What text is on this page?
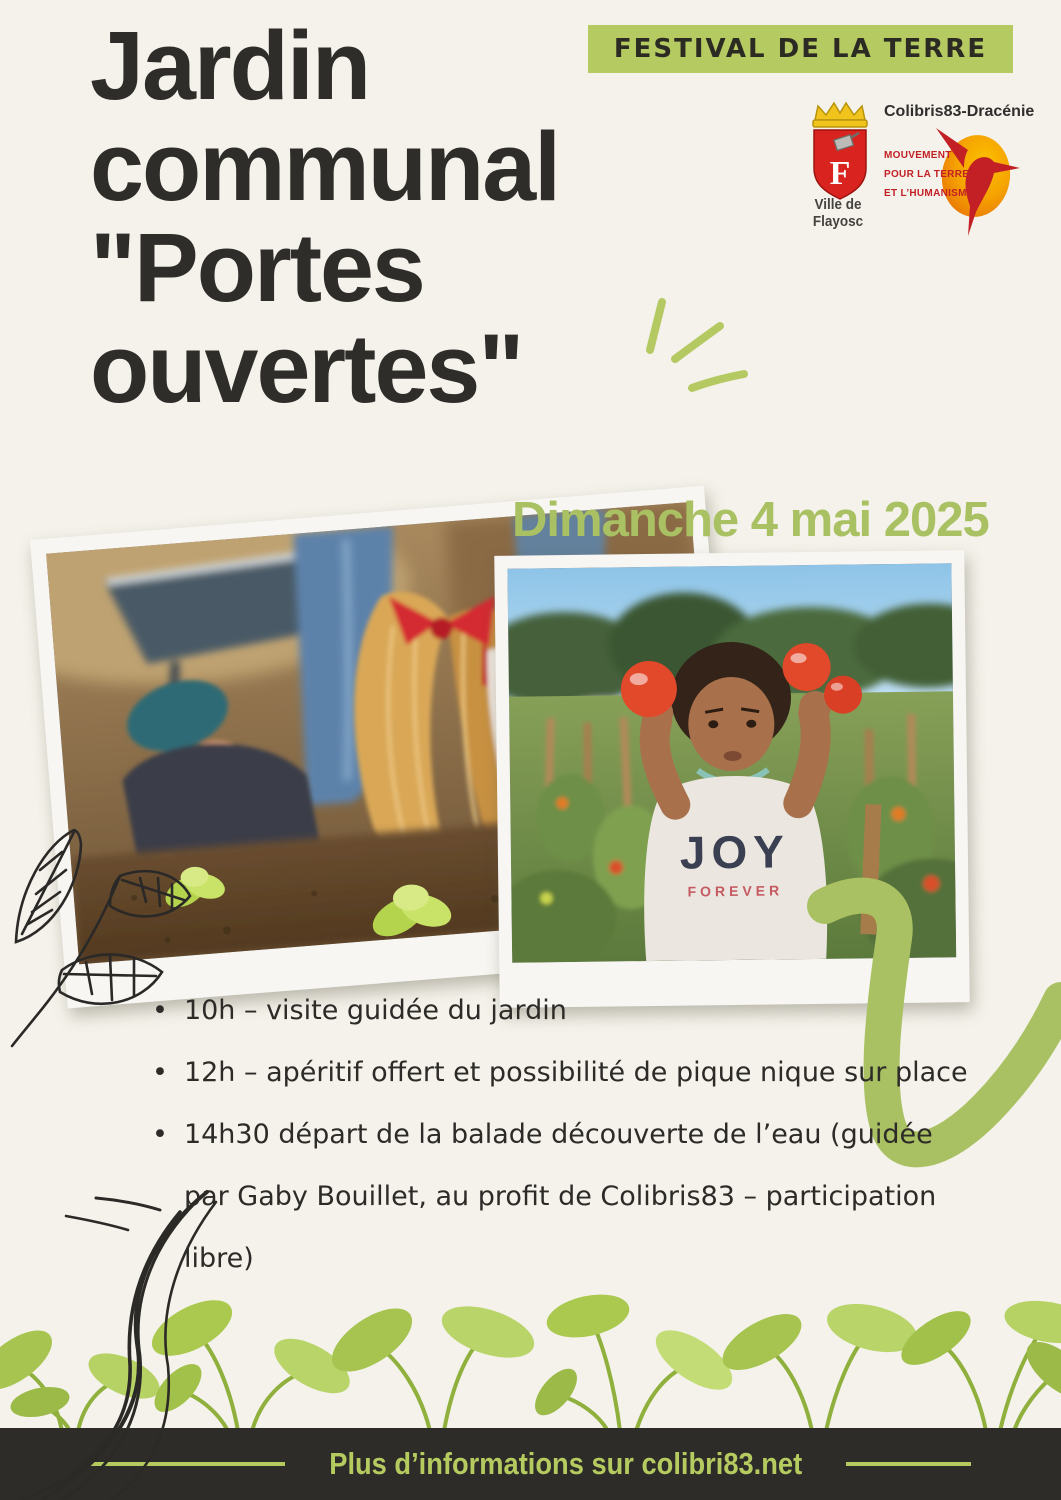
Jardin
communal
"Portes
ouvertes"
FESTIVAL DE LA TERRE
F
Ville de Flayosc
Colibris83-Dracénie
MOUVEMENT
POUR LA TERRE
ET L’HUMANISME
Dimanche 4 mai 2025
JOY
FOREVER
• 10h – visite guidée du jardin
• 12h – apéritif offert et possibilité de pique nique sur place
• 14h30 départ de la balade découverte de l’eau (guidée par Gaby Bouillet, au profit de Colibris83 – participation libre)
Plus d’informations sur colibri83.net
